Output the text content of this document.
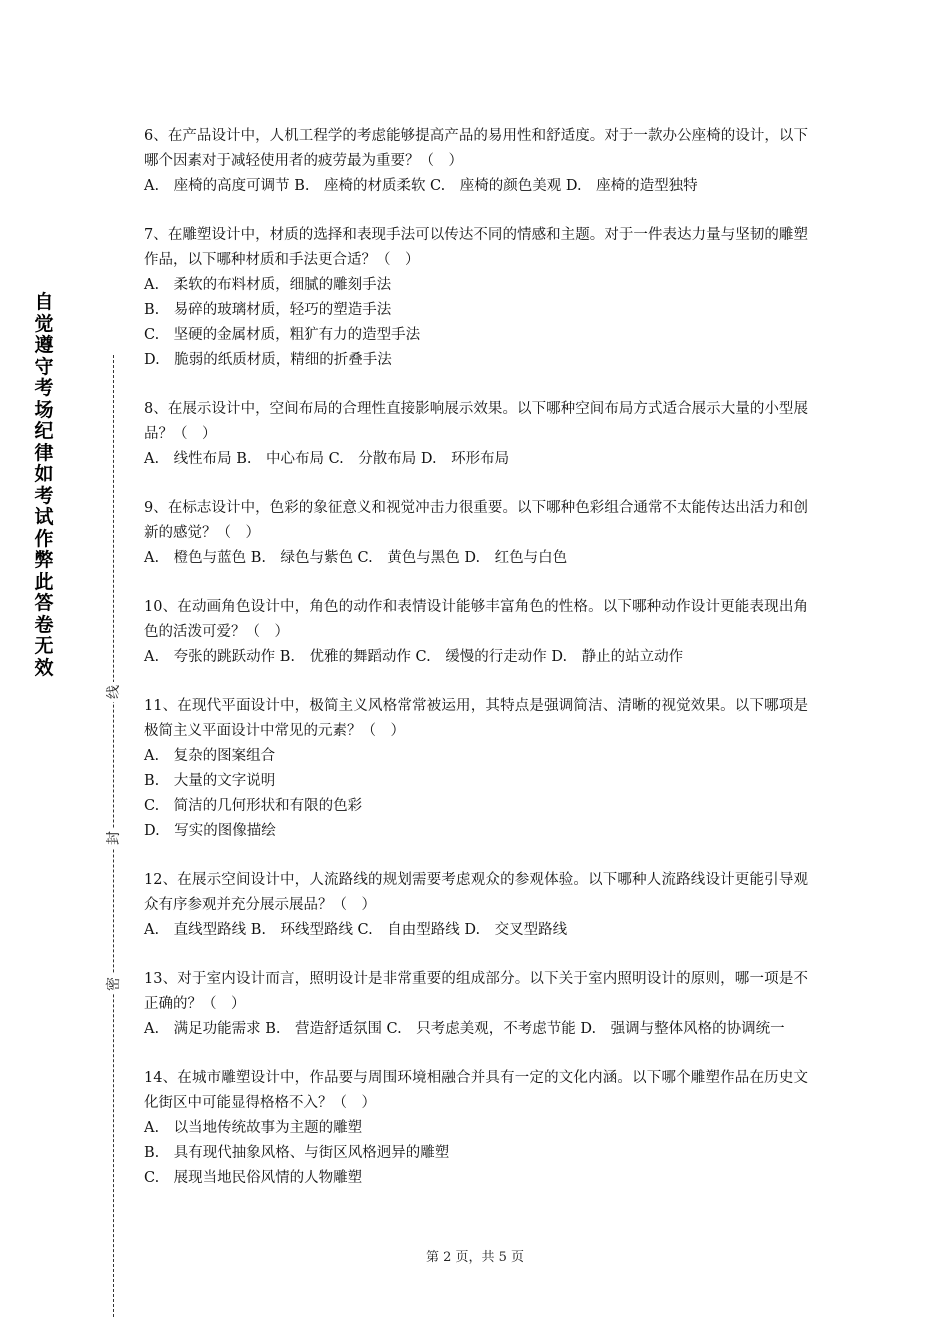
自觉遵守考场纪律如考试作弊此答卷无效
线
封
密

6、在产品设计中，人机工程学的考虑能够提高产品的易用性和舒适度。对于一款办公座椅的设计，以下哪个因素对于减轻使用者的疲劳最为重要？（　）

A.　座椅的高度可调节 B.　座椅的材质柔软 C.　座椅的颜色美观 D.　座椅的造型独特

7、在雕塑设计中，材质的选择和表现手法可以传达不同的情感和主题。对于一件表达力量与坚韧的雕塑作品，以下哪种材质和手法更合适？（　）

A.　柔软的布料材质，细腻的雕刻手法

B.　易碎的玻璃材质，轻巧的塑造手法

C.　坚硬的金属材质，粗犷有力的造型手法

D.　脆弱的纸质材质，精细的折叠手法

8、在展示设计中，空间布局的合理性直接影响展示效果。以下哪种空间布局方式适合展示大量的小型展品？（　）

A.　线性布局 B.　中心布局 C.　分散布局 D.　环形布局

9、在标志设计中，色彩的象征意义和视觉冲击力很重要。以下哪种色彩组合通常不太能传达出活力和创新的感觉？（　）

A.　橙色与蓝色 B.　绿色与紫色 C.　黄色与黑色 D.　红色与白色

10、在动画角色设计中，角色的动作和表情设计能够丰富角色的性格。以下哪种动作设计更能表现出角色的活泼可爱？（　）

A.　夸张的跳跃动作 B.　优雅的舞蹈动作 C.　缓慢的行走动作 D.　静止的站立动作

11、在现代平面设计中，极简主义风格常常被运用，其特点是强调简洁、清晰的视觉效果。以下哪项是极简主义平面设计中常见的元素？（　）

A.　复杂的图案组合

B.　大量的文字说明

C.　简洁的几何形状和有限的色彩

D.　写实的图像描绘

12、在展示空间设计中，人流路线的规划需要考虑观众的参观体验。以下哪种人流路线设计更能引导观众有序参观并充分展示展品？（　）

A.　直线型路线 B.　环线型路线 C.　自由型路线 D.　交叉型路线

13、对于室内设计而言，照明设计是非常重要的组成部分。以下关于室内照明设计的原则，哪一项是不正确的？（　）

A.　满足功能需求 B.　营造舒适氛围 C.　只考虑美观，不考虑节能 D.　强调与整体风格的协调统一

14、在城市雕塑设计中，作品要与周围环境相融合并具有一定的文化内涵。以下哪个雕塑作品在历史文化街区中可能显得格格不入？（　）

A.　以当地传统故事为主题的雕塑

B.　具有现代抽象风格、与街区风格迥异的雕塑

C.　展现当地民俗风情的人物雕塑

第 2 页，共 5 页
